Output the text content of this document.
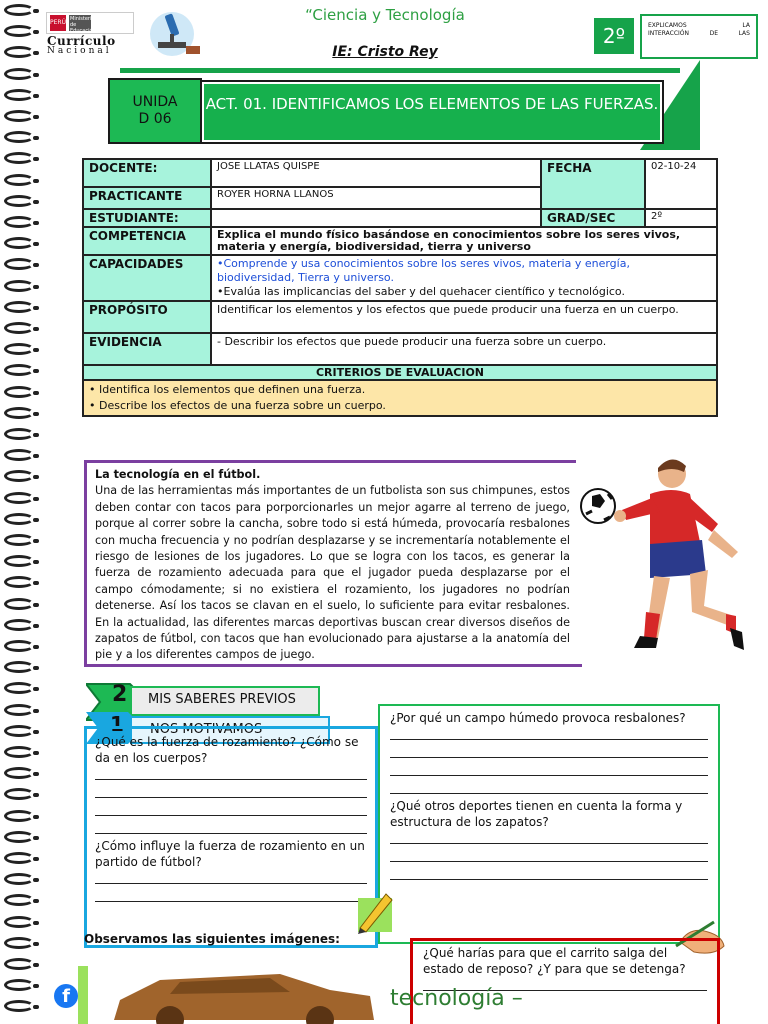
PERÚ Ministerio de Educación
Currículo
Nacional
“Ciencia y Tecnología
IE: Cristo Rey
2º	EXPLICAMOS	LA
INTERACCIÓN	DE	LAS
UNIDA
D 06
ACT. 01. IDENTIFICAMOS LOS ELEMENTOS DE LAS FUERZAS.
DOCENTE:	JOSE LLATAS QUISPE	FECHA	02-10-24
PRACTICANTE	ROYER HORNA LLANOS		
ESTUDIANTE:		GRAD/SEC	2º
COMPETENCIA	Explica el mundo físico basándose en conocimientos sobre los seres vivos, materia y energía, biodiversidad, tierra y universo		
CAPACIDADES	•Comprende y usa conocimientos sobre los seres vivos, materia y energía, biodiversidad, Tierra y universo.
•Evalúa las implicancias del saber y del quehacer científico y tecnológico.		

PROPÓSITO	Identificar los elementos y los efectos que puede producir una fuerza en un cuerpo.		
EVIDENCIA	- Describir los efectos que puede producir una fuerza sobre un cuerpo.		
CRITERIOS DE EVALUACION			

• Identifica los elementos que definen una fuerza.
• Describe los efectos de una fuerza sobre un cuerpo.			
La tecnología en el fútbol.
Una de las herramientas más importantes de un futbolista son sus chimpunes, estos deben contar con tacos para porporcionarles un mejor agarre al terreno de juego, porque al correr sobre la cancha, sobre todo si está húmeda, provocaría resbalones con mucha frecuencia y no podrían desplazarse y se incrementaría notablemente el riesgo de lesiones de los jugadores. Lo que se logra con los tacos, es generar la fuerza de rozamiento adecuada para que el jugador pueda desplazarse por el campo cómodamente; si no existiera el rozamiento, los jugadores no podrían detenerse. Así los tacos se clavan en el suelo, lo suficiente para evitar resbalones. En la actualidad, las diferentes marcas deportivas buscan crear diversos diseños de zapatos de fútbol, con tacos que han evolucionado para ajustarse a la anatomía del pie y a los diferentes campos de juego.
MIS SABERES PREVIOS
2
NOS MOTIVAMOS
1
¿Qué es la fuerza de rozamiento? ¿Cómo se da en los cuerpos?
¿Cómo influye la fuerza de rozamiento en un partido de fútbol?
Observamos las siguientes imágenes:
¿Por qué un campo húmedo provoca resbalones?
¿Qué otros deportes tienen en cuenta la forma y estructura de los zapatos?
¿Qué harías para que el carrito salga del estado de reposo? ¿Y para que se detenga?
f	tecnología –
